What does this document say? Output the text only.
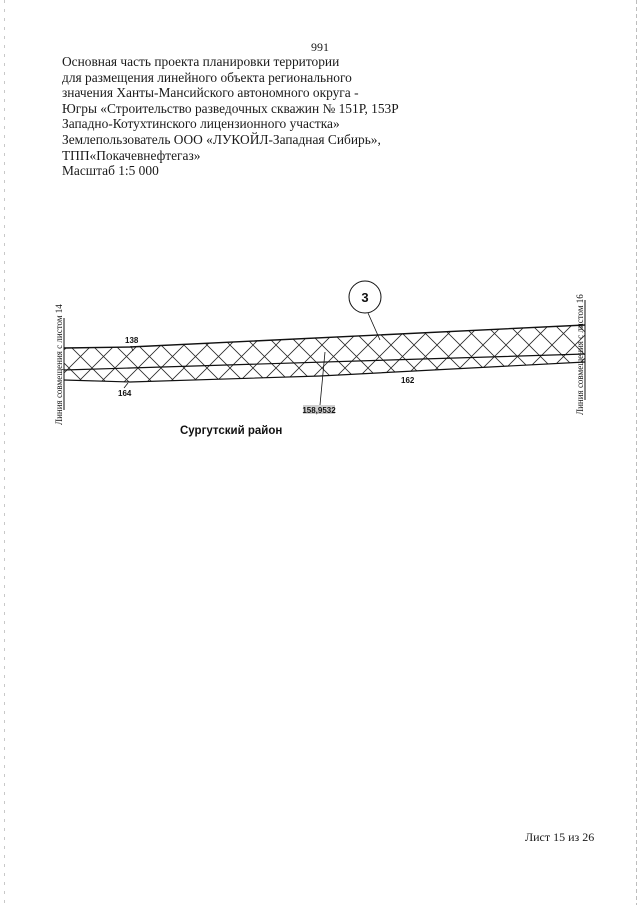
991
Основная часть проекта планировки территории
для размещения линейного объекта регионального
значения Ханты-Мансийского автономного округа -
Югры «Строительство разведочных скважин № 151Р, 153Р
Западно-Котухтинского лицензионного участка»
Землепользователь ООО «ЛУКОЙЛ-Западная Сибирь»,
ТПП«Покачевнефтегаз»
Масштаб 1:5 000
Линия совмещения с листом 14
3
138
164
162
158,9532
Сургутский район
Лист 15 из 26
